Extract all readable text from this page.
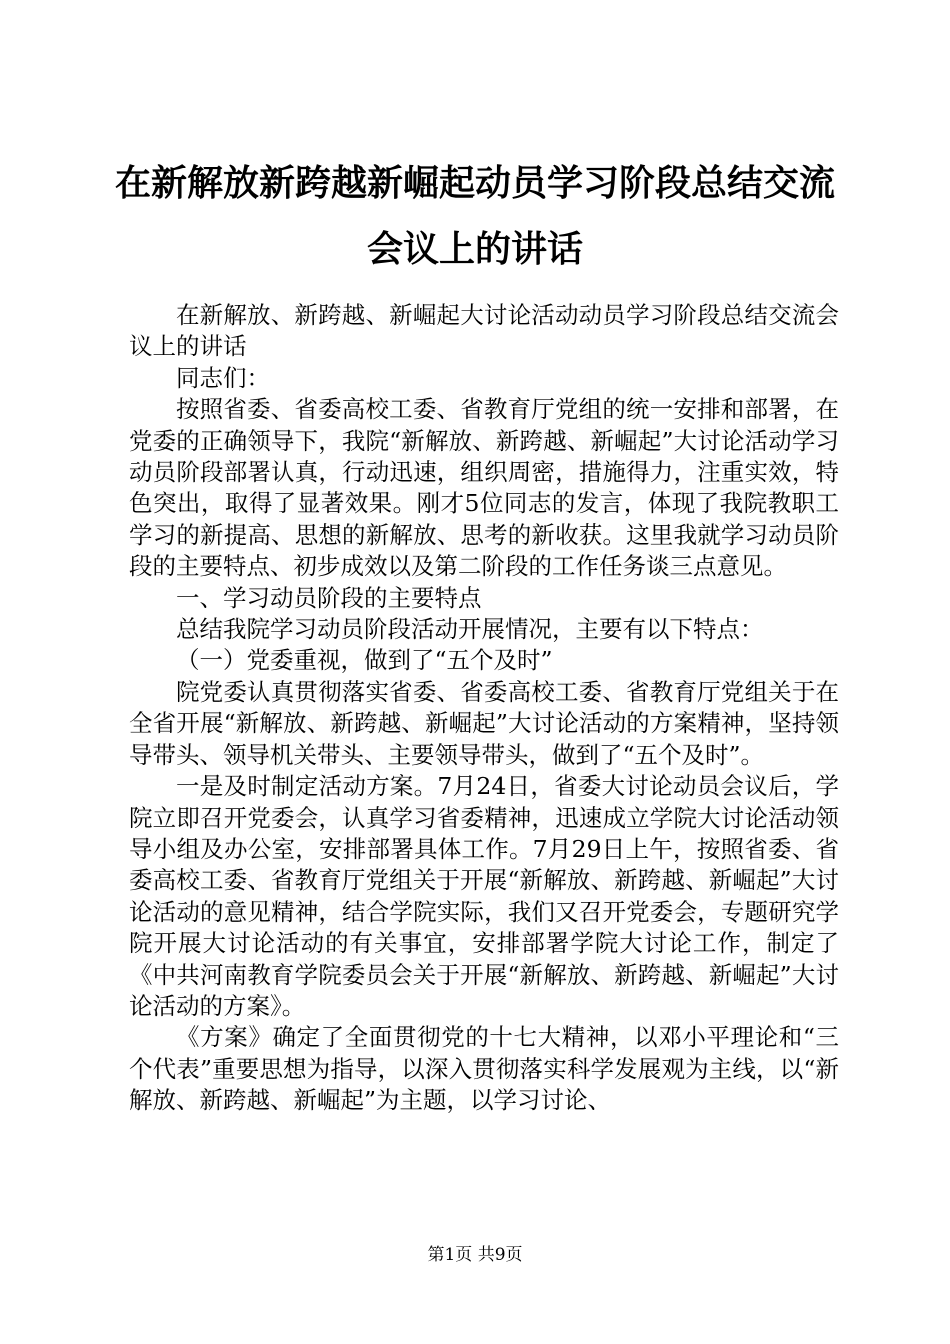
在新解放新跨越新崛起动员学习阶段总结交流
会议上的讲话

在新解放、新跨越、新崛起大讨论活动动员学习阶段总结交流会议上的讲话

同志们：

按照省委、省委高校工委、省教育厅党组的统一安排和部署，在党委的正确领导下，我院“新解放、新跨越、新崛起”大讨论活动学习动员阶段部署认真，行动迅速，组织周密，措施得力，注重实效，特色突出，取得了显著效果。刚才5位同志的发言，体现了我院教职工学习的新提高、思想的新解放、思考的新收获。这里我就学习动员阶段的主要特点、初步成效以及第二阶段的工作任务谈三点意见。

一、学习动员阶段的主要特点

总结我院学习动员阶段活动开展情况，主要有以下特点：

（一）党委重视，做到了“五个及时”

院党委认真贯彻落实省委、省委高校工委、省教育厅党组关于在全省开展“新解放、新跨越、新崛起”大讨论活动的方案精神，坚持领导带头、领导机关带头、主要领导带头，做到了“五个及时”。

一是及时制定活动方案。7月24日，省委大讨论动员会议后，学院立即召开党委会，认真学习省委精神，迅速成立学院大讨论活动领导小组及办公室，安排部署具体工作。7月29日上午，按照省委、省委高校工委、省教育厅党组关于开展“新解放、新跨越、新崛起”大讨论活动的意见精神，结合学院实际，我们又召开党委会，专题研究学院开展大讨论活动的有关事宜，安排部署学院大讨论工作，制定了《中共河南教育学院委员会关于开展“新解放、新跨越、新崛起”大讨论活动的方案》。

《方案》确定了全面贯彻党的十七大精神，以邓小平理论和“三个代表”重要思想为指导，以深入贯彻落实科学发展观为主线，以“新解放、新跨越、新崛起”为主题，以学习讨论、

第1页 共9页
